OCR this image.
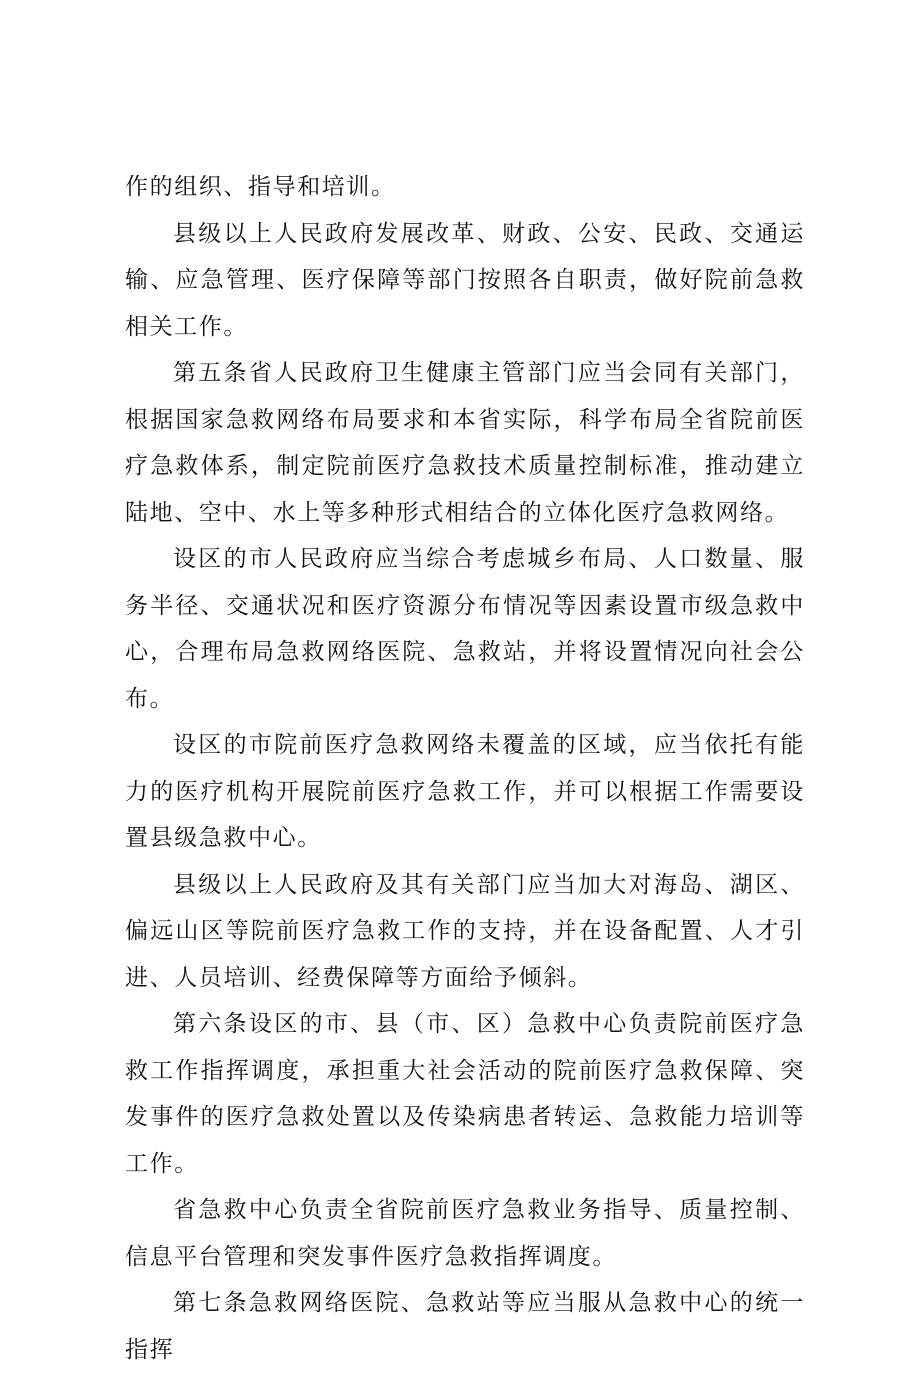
作的组织、指导和培训。

县级以上人民政府发展改革、财政、公安、民政、交通运输、应急管理、医疗保障等部门按照各自职责，做好院前急救相关工作。

第五条省人民政府卫生健康主管部门应当会同有关部门，根据国家急救网络布局要求和本省实际，科学布局全省院前医疗急救体系，制定院前医疗急救技术质量控制标准，推动建立陆地、空中、水上等多种形式相结合的立体化医疗急救网络。

设区的市人民政府应当综合考虑城乡布局、人口数量、服务半径、交通状况和医疗资源分布情况等因素设置市级急救中心，合理布局急救网络医院、急救站，并将设置情况向社会公布。

设区的市院前医疗急救网络未覆盖的区域，应当依托有能力的医疗机构开展院前医疗急救工作，并可以根据工作需要设置县级急救中心。

县级以上人民政府及其有关部门应当加大对海岛、湖区、偏远山区等院前医疗急救工作的支持，并在设备配置、人才引进、人员培训、经费保障等方面给予倾斜。

第六条设区的市、县（市、区）急救中心负责院前医疗急救工作指挥调度，承担重大社会活动的院前医疗急救保障、突发事件的医疗急救处置以及传染病患者转运、急救能力培训等工作。

省急救中心负责全省院前医疗急救业务指导、质量控制、信息平台管理和突发事件医疗急救指挥调度。

第七条急救网络医院、急救站等应当服从急救中心的统一指挥
